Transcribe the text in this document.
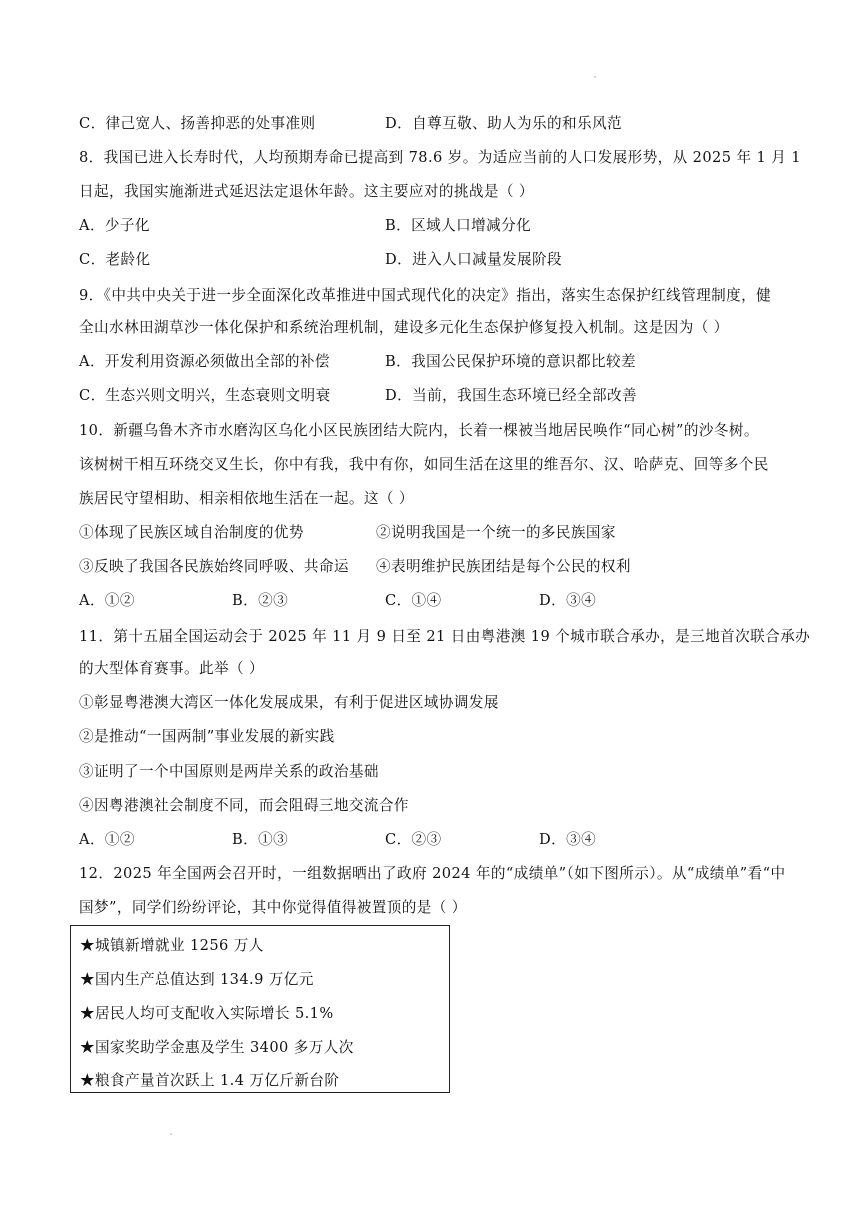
C．律己宽人、扬善抑恶的处事准则	D．自尊互敬、助人为乐的和乐风范
8．我国已进入长寿时代，人均预期寿命已提高到 78.6 岁。为适应当前的人口发展形势，从 2025 年 1 月 1
日起，我国实施渐进式延迟法定退休年龄。这主要应对的挑战是（ ）
A．少子化	B．区域人口增减分化
C．老龄化	D．进入人口减量发展阶段
9．《中共中央关于进一步全面深化改革推进中国式现代化的决定》指出，落实生态保护红线管理制度，健
全山水林田湖草沙一体化保护和系统治理机制，建设多元化生态保护修复投入机制。这是因为（ ）
A．开发利用资源必须做出全部的补偿	B．我国公民保护环境的意识都比较差
C．生态兴则文明兴，生态衰则文明衰	D．当前，我国生态环境已经全部改善
10．新疆乌鲁木齐市水磨沟区乌化小区民族团结大院内，长着一棵被当地居民唤作“同心树”的沙冬树。
该树树干相互环绕交叉生长，你中有我，我中有你，如同生活在这里的维吾尔、汉、哈萨克、回等多个民
族居民守望相助、相亲相依地生活在一起。这（ ）
①体现了民族区域自治制度的优势	②说明我国是一个统一的多民族国家
③反映了我国各民族始终同呼吸、共命运 ④表明维护民族团结是每个公民的权利
A．①②	B．②③	C．①④	D．③④
11．第十五届全国运动会于 2025 年 11 月 9 日至 21 日由粤港澳 19 个城市联合承办，是三地首次联合承办
的大型体育赛事。此举（ ）
①彰显粤港澳大湾区一体化发展成果，有利于促进区域协调发展
②是推动“一国两制”事业发展的新实践
③证明了一个中国原则是两岸关系的政治基础
④因粤港澳社会制度不同，而会阻碍三地交流合作
A．①②	B．①③	C．②③	D．③④
12．2025 年全国两会召开时，一组数据晒出了政府 2024 年的“成绩单”（如下图所示）。从“成绩单”看“中
国梦”，同学们纷纷评论，其中你觉得值得被置顶的是（ ）
★城镇新增就业 1256 万人
★国内生产总值达到 134.9 万亿元
★居民人均可支配收入实际增长 5.1%
★国家奖助学金惠及学生 3400 多万人次
★粮食产量首次跃上 1.4 万亿斤新台阶
